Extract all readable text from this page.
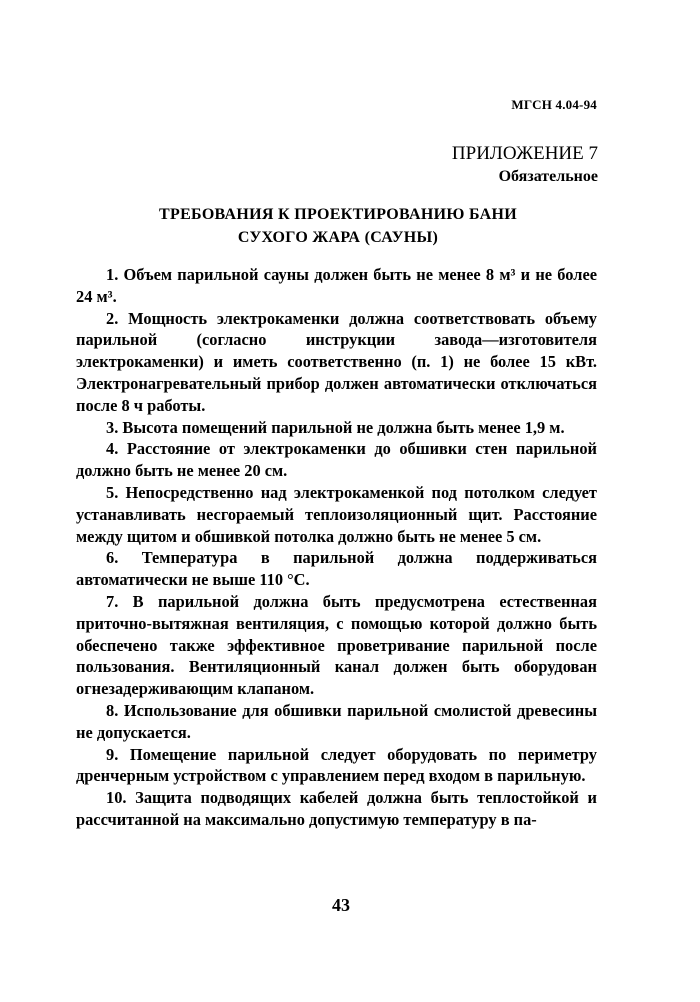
МГСН 4.04-94
ПРИЛОЖЕНИЕ 7
Обязательное
ТРЕБОВАНИЯ К ПРОЕКТИРОВАНИЮ БАНИ
СУХОГО ЖАРА (САУНЫ)

1. Объем парильной сауны должен быть не менее 8 м³ и не более 24 м³.

2. Мощность электрокаменки должна соответствовать объему парильной (согласно инструкции завода—изготовителя электрокаменки) и иметь соответственно (п. 1) не более 15 кВт. Электронагревательный прибор должен автоматически отключаться после 8 ч работы.

3. Высота помещений парильной не должна быть менее 1,9 м.

4. Расстояние от электрокаменки до обшивки стен парильной должно быть не менее 20 см.

5. Непосредственно над электрокаменкой под потолком следует устанавливать несгораемый теплоизоляционный щит. Расстояние между щитом и обшивкой потолка должно быть не менее 5 см.

6. Температура в парильной должна поддерживаться автоматически не выше 110 °С.

7. В парильной должна быть предусмотрена естественная приточно-вытяжная вентиляция, с помощью которой должно быть обеспечено также эффективное проветривание парильной после пользования. Вентиляционный канал должен быть оборудован огнезадерживающим клапаном.

8. Использование для обшивки парильной смолистой древесины не допускается.

9. Помещение парильной следует оборудовать по периметру дренчерным устройством с управлением перед входом в парильную.

10. Защита подводящих кабелей должна быть теплостойкой и рассчитанной на максимально допустимую температуру в па-

43
